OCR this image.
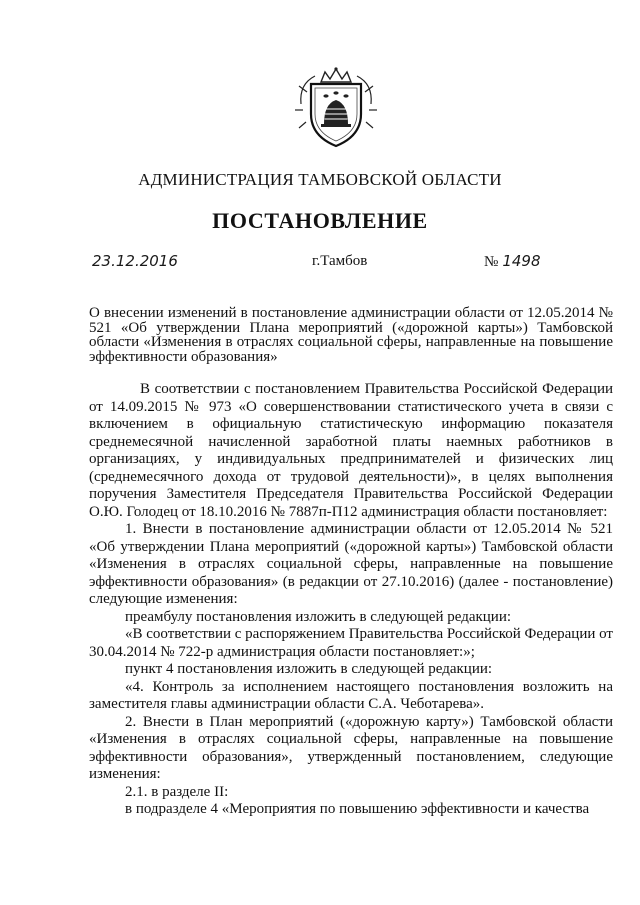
АДМИНИСТРАЦИЯ ТАМБОВСКОЙ ОБЛАСТИ
ПОСТАНОВЛЕНИЕ
23.12.2016	г.Тамбов	№ 1498
О внесении изменений в постановление администрации области от 12.05.2014 № 521 «Об утверждении Плана мероприятий («дорожной карты») Тамбовской области «Изменения в отраслях социальной сферы, направленные на повышение эффективности образования»

В соответствии с постановлением Правительства Российской Федерации от 14.09.2015 № 973 «О совершенствовании статистического учета в связи с включением в официальную статистическую информацию показателя среднемесячной начисленной заработной платы наемных работников в организациях, у индивидуальных предпринимателей и физических лиц (среднемесячного дохода от трудовой деятельности)», в целях выполнения поручения Заместителя Председателя Правительства Российской Федерации О.Ю. Голодец от 18.10.2016 № 7887п-П12 администрация области постановляет:

1. Внести в постановление администрации области от 12.05.2014 № 521 «Об утверждении Плана мероприятий («дорожной карты») Тамбовской области «Изменения в отраслях социальной сферы, направленные на повышение эффективности образования» (в редакции от 27.10.2016) (далее - постановление) следующие изменения:

преамбулу постановления изложить в следующей редакции:

«В соответствии с распоряжением Правительства Российской Федерации от 30.04.2014 № 722-р администрация области постановляет:»;

пункт 4 постановления изложить в следующей редакции:

«4. Контроль за исполнением настоящего постановления возложить на заместителя главы администрации области С.А. Чеботарева».

2. Внести в План мероприятий («дорожную карту») Тамбовской области «Изменения в отраслях социальной сферы, направленные на повышение эффективности образования», утвержденный постановлением, следующие изменения:

2.1. в разделе II:

в подразделе 4 «Мероприятия по повышению эффективности и качества
